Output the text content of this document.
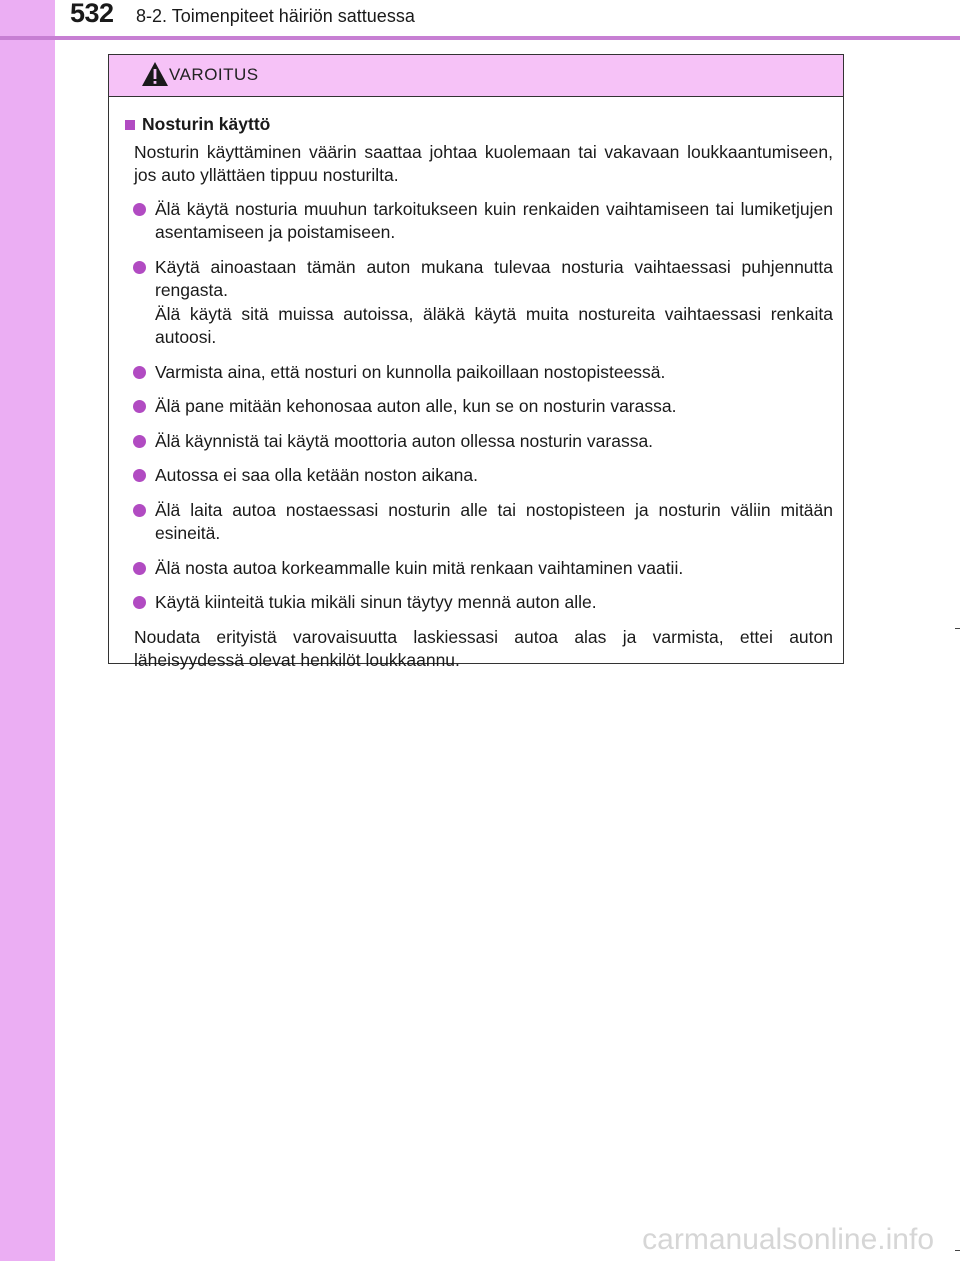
532 8-2. Toimenpiteet häiriön sattuessa
VAROITUS
Nosturin käyttö

Nosturin käyttäminen väärin saattaa johtaa kuolemaan tai vakavaan loukkaantumiseen, jos auto yllättäen tippuu nosturilta.

Älä käytä nosturia muuhun tarkoitukseen kuin renkaiden vaihtamiseen tai lumiketjujen asentamiseen ja poistamiseen.
Käytä ainoastaan tämän auton mukana tulevaa nosturia vaihtaessasi puhjennutta rengasta.
Älä käytä sitä muissa autoissa, äläkä käytä muita nostureita vaihtaessasi renkaita autoosi.
Varmista aina, että nosturi on kunnolla paikoillaan nostopisteessä.
Älä pane mitään kehonosaa auton alle, kun se on nosturin varassa.
Älä käynnistä tai käytä moottoria auton ollessa nosturin varassa.
Autossa ei saa olla ketään noston aikana.
Älä laita autoa nostaessasi nosturin alle tai nostopisteen ja nosturin väliin mitään esineitä.
Älä nosta autoa korkeammalle kuin mitä renkaan vaihtaminen vaatii.
Käytä kiinteitä tukia mikäli sinun täytyy mennä auton alle.

Noudata erityistä varovaisuutta laskiessasi autoa alas ja varmista, ettei auton läheisyydessä olevat henkilöt loukkaannu.

carmanualsonline.info
